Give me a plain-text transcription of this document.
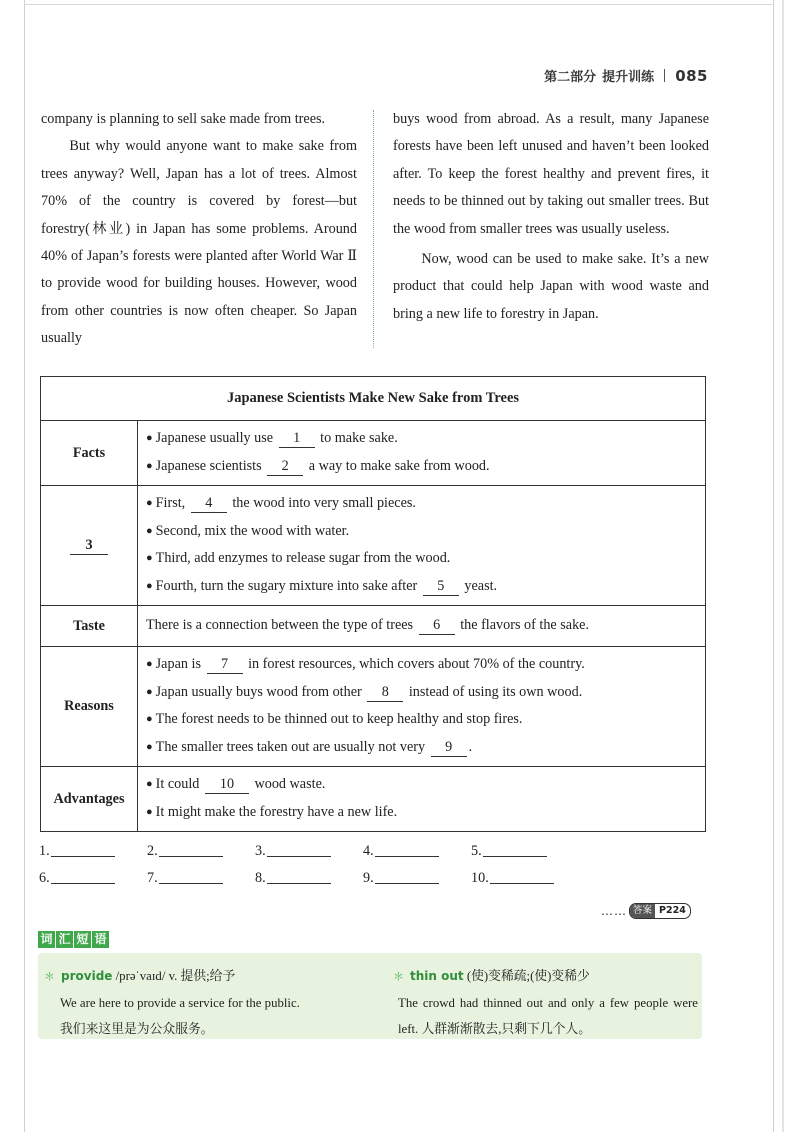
第二部分 提升训练 085

company is planning to sell sake made from trees.

But why would anyone want to make sake from trees anyway? Well, Japan has a lot of trees. Almost 70% of the country is covered by forest—but forestry(林业) in Japan has some problems. Around 40% of Japan’s forests were planted after World War Ⅱ to provide wood for building houses. However, wood from other countries is now often cheaper. So Japan usually

buys wood from abroad. As a result, many Japanese forests have been left unused and haven’t been looked after. To keep the forest healthy and prevent fires, it needs to be thinned out by taking out smaller trees. But the wood from smaller trees was usually useless.

Now, wood can be used to make sake. It’s a new product that could help Japan with wood waste and bring a new life to forestry in Japan.

Japanese Scientists Make New Sake from Trees	
Facts	● Japanese usually use 1 to make sake.
● Japanese scientists 2 a way to make sake from wood.

3	● First, 4 the wood into very small pieces.
● Second, mix the wood with water.
● Third, add enzymes to release sugar from the wood.
● Fourth, turn the sugary mixture into sake after 5 yeast.

Taste	There is a connection between the type of trees 6 the flavors of the sake.

Reasons	● Japan is 7 in forest resources, which covers about 70% of the country.
● Japan usually buys wood from other 8 instead of using its own wood.
● The forest needs to be thinned out to keep healthy and stop fires.
● The smaller trees taken out are usually not very 9 .

Advantages	● It could 10 wood waste.
● It might make the forestry have a new life.
1.	2.	3.	4.	5.
6.	7.	8.	9.	10.
…… 答案 P224
词 汇 短 语
＊ provide /prəˈvaɪd/ v. 提供;给予
We are here to provide a service for the public.
我们来这里是为公众服务。
＊ thin out (使)变稀疏;(使)变稀少
The crowd had thinned out and only a few people were left. 人群渐渐散去,只剩下几个人。
